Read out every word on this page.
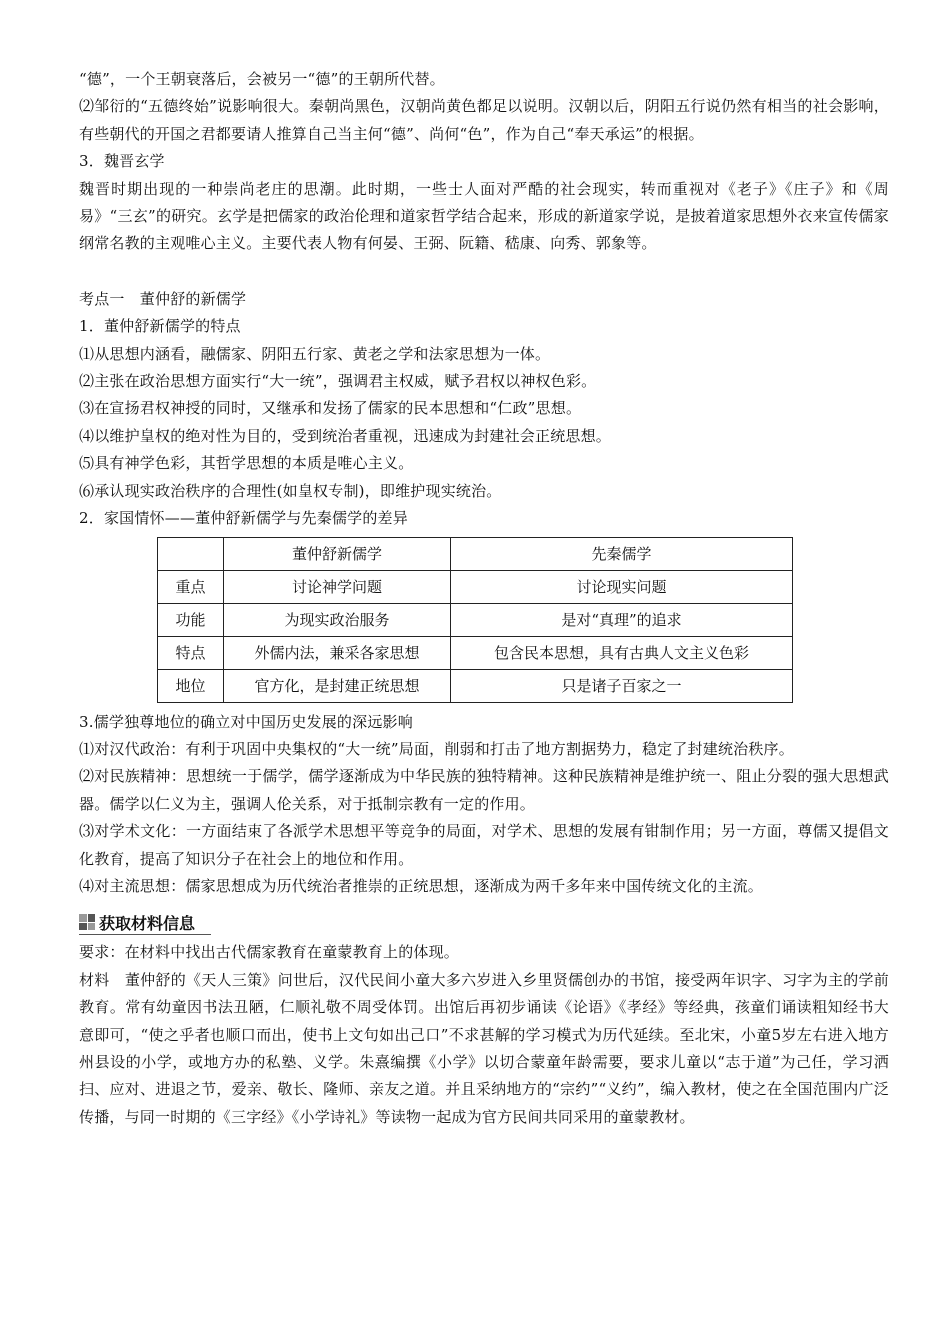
“德”，一个王朝衰落后，会被另一“德”的王朝所代替。

⑵邹衍的“五德终始”说影响很大。秦朝尚黑色，汉朝尚黄色都足以说明。汉朝以后，阴阳五行说仍然有相当的社会影响，有些朝代的开国之君都要请人推算自己当主何“德”、尚何“色”，作为自己“奉天承运”的根据。

3．魏晋玄学

魏晋时期出现的一种崇尚老庄的思潮。此时期，一些士人面对严酷的社会现实，转而重视对《老子》《庄子》和《周易》“三玄”的研究。玄学是把儒家的政治伦理和道家哲学结合起来，形成的新道家学说，是披着道家思想外衣来宣传儒家纲常名教的主观唯心主义。主要代表人物有何晏、王弼、阮籍、嵇康、向秀、郭象等。

考点一　董仲舒的新儒学

1．董仲舒新儒学的特点

⑴从思想内涵看，融儒家、阴阳五行家、黄老之学和法家思想为一体。

⑵主张在政治思想方面实行“大一统”，强调君主权威，赋予君权以神权色彩。

⑶在宣扬君权神授的同时，又继承和发扬了儒家的民本思想和“仁政”思想。

⑷以维护皇权的绝对性为目的，受到统治者重视，迅速成为封建社会正统思想。

⑸具有神学色彩，其哲学思想的本质是唯心主义。

⑹承认现实政治秩序的合理性(如皇权专制)，即维护现实统治。

2．家国情怀——董仲舒新儒学与先秦儒学的差异

	董仲舒新儒学	先秦儒学
重点	讨论神学问题	讨论现实问题
功能	为现实政治服务	是对“真理”的追求
特点	外儒内法，兼采各家思想	包含民本思想，具有古典人文主义色彩
地位	官方化，是封建正统思想	只是诸子百家之一

3.儒学独尊地位的确立对中国历史发展的深远影响

⑴对汉代政治：有利于巩固中央集权的“大一统”局面，削弱和打击了地方割据势力，稳定了封建统治秩序。

⑵对民族精神：思想统一于儒学，儒学逐渐成为中华民族的独特精神。这种民族精神是维护统一、阻止分裂的强大思想武器。儒学以仁义为主，强调人伦关系，对于抵制宗教有一定的作用。

⑶对学术文化：一方面结束了各派学术思想平等竞争的局面，对学术、思想的发展有钳制作用；另一方面，尊儒又提倡文化教育，提高了知识分子在社会上的地位和作用。

⑷对主流思想：儒家思想成为历代统治者推崇的正统思想，逐渐成为两千多年来中国传统文化的主流。

获取材料信息

要求：在材料中找出古代儒家教育在童蒙教育上的体现。

材料　董仲舒的《天人三策》问世后，汉代民间小童大多六岁进入乡里贤儒创办的书馆，接受两年识字、习字为主的学前教育。常有幼童因书法丑陋，仁顺礼敬不周受体罚。出馆后再初步诵读《论语》《孝经》等经典，孩童们诵读粗知经书大意即可，“使之乎者也顺口而出，使书上文句如出己口”不求甚解的学习模式为历代延续。至北宋，小童5岁左右进入地方州县设的小学，或地方办的私塾、义学。朱熹编撰《小学》以切合蒙童年龄需要，要求儿童以“志于道”为己任，学习洒扫、应对、进退之节，爱亲、敬长、隆师、亲友之道。并且采纳地方的“宗约”“义约”，编入教材，使之在全国范围内广泛传播，与同一时期的《三字经》《小学诗礼》等读物一起成为官方民间共同采用的童蒙教材。
